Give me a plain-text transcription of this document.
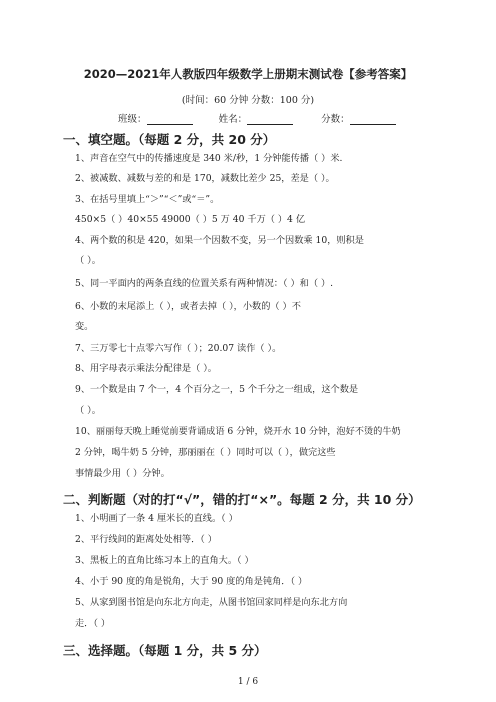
2020—2021年人教版四年级数学上册期末测试卷【参考答案】
(时间：60 分钟 分数：100 分)
班级：	姓名：	分数：
一、填空题。（每题 2 分，共 20 分）
1、声音在空气中的传播速度是 340 米/秒，1 分钟能传播（ ）米.
2、被减数、减数与差的和是 170，减数比差少 25，差是（ ）。
3、在括号里填上“＞”“＜”或“＝”。
450×5（ ）40×55 49000（ ）5 万 40 千万（ ）4 亿
4、两个数的积是 420，如果一个因数不变，另一个因数乘 10，则积是
（ ）。
5、同一平面内的两条直线的位置关系有两种情况：（ ）和（ ）.
6、小数的末尾添上（ ），或者去掉（ ），小数的（ ）不
变。
7、三万零七十点零六写作（ ）；20.07 读作（ ）。
8、用字母表示乘法分配律是（ ）。
9、一个数是由 7 个一，4 个百分之一，5 个千分之一组成，这个数是
（ ）。
10、丽丽每天晚上睡觉前要背诵成语 6 分钟，烧开水 10 分钟，泡好不烫的牛奶
2 分钟，喝牛奶 5 分钟，那丽丽在（ ）同时可以（ ），做完这些
事情最少用（ ）分钟。
二、判断题（对的打“√”，错的打“×”。每题 2 分，共 10 分）
1、小明画了一条 4 厘米长的直线。（ ）
2、平行线间的距离处处相等．（ ）
3、黑板上的直角比练习本上的直角大。（ ）
4、小于 90 度的角是锐角，大于 90 度的角是钝角．（ ）
5、从家到图书馆是向东北方向走，从图书馆回家同样是向东北方向
走．（ ）
三、选择题。（每题 1 分，共 5 分）
1 / 6
